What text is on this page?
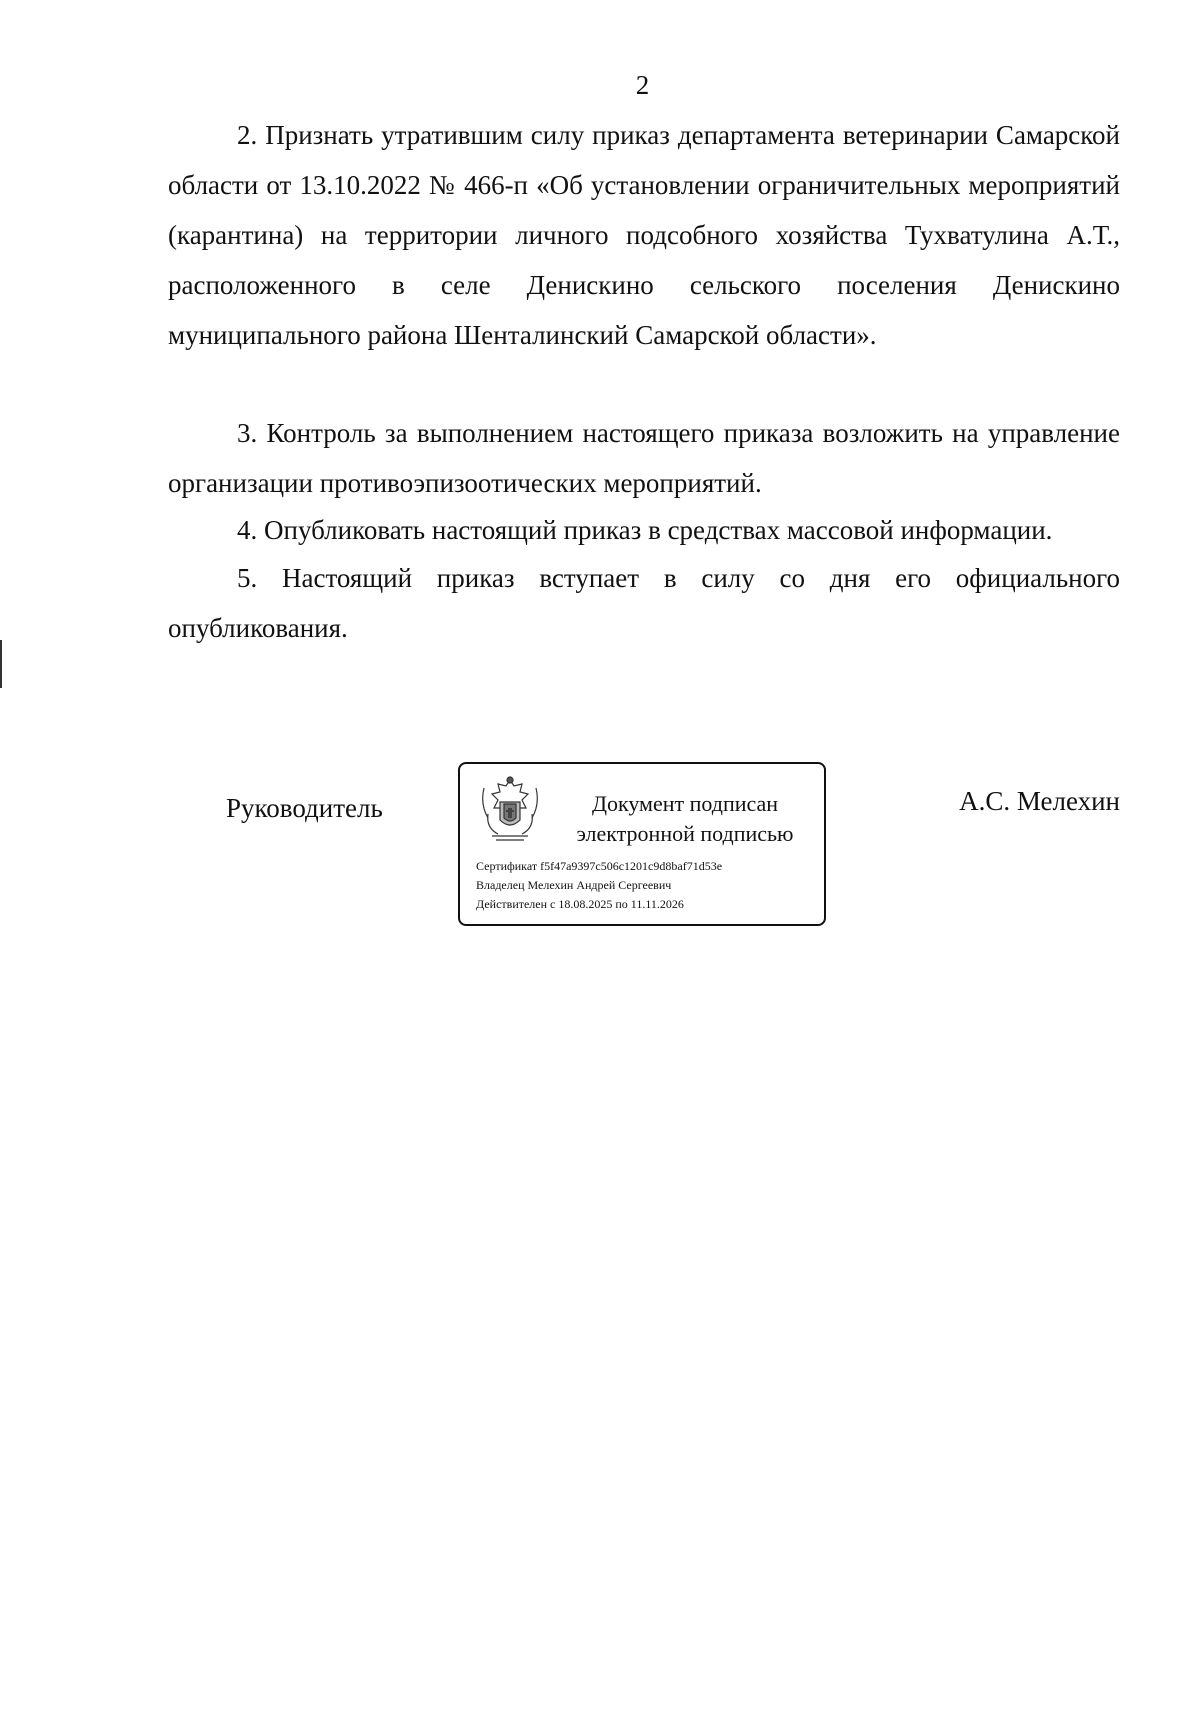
2
2. Признать утратившим силу приказ департамента ветеринарии Самарской области от 13.10.2022 № 466-п «Об установлении ограничительных мероприятий (карантина) на территории личного подсобного хозяйства Тухватулина А.Т., расположенного в селе Денискино сельского поселения Денискино муниципального района Шенталинский Самарской области».
3. Контроль за выполнением настоящего приказа возложить на управление организации противоэпизоотических мероприятий.
4. Опубликовать настоящий приказ в средствах массовой информации.
5. Настоящий приказ вступает в силу со дня его официального опубликования.
Руководитель	Документ подписан
электронной подписью
Сертификат f5f47a9397c506c1201c9d8baf71d53e
Владелец Мелехин Андрей Сергеевич
Действителен с 18.08.2025 по 11.11.2026
А.С. Мелехин
